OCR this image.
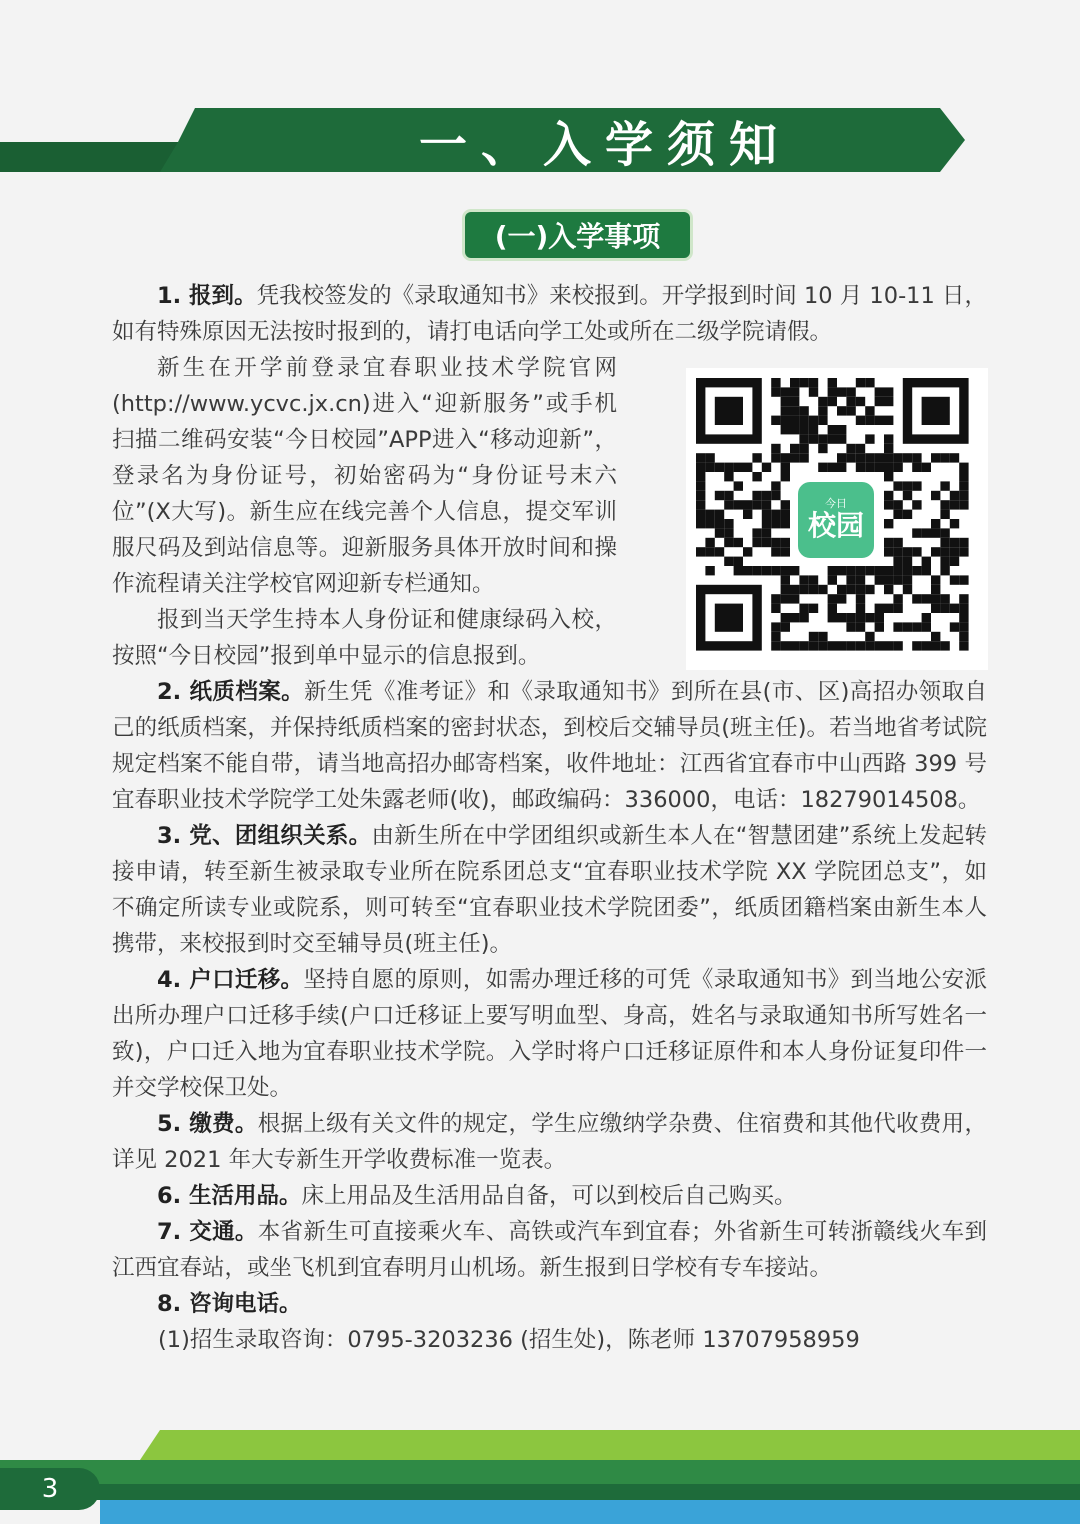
一、入学须知
(一)入学事项

1. 报到。凭我校签发的《录取通知书》来校报到。开学报到时间 10 月 10-11 日，如有特殊原因无法按时报到的，请打电话向学工处或所在二级学院请假。

新生在开学前登录宜春职业技术学院官网(http://www.ycvc.jx.cn)进入“迎新服务”或手机扫描二维码安装“今日校园”APP进入“移动迎新”，登录名为身份证号，初始密码为“身份证号末六位”(X大写)。新生应在线完善个人信息，提交军训服尺码及到站信息等。迎新服务具体开放时间和操作流程请关注学校官网迎新专栏通知。

报到当天学生持本人身份证和健康绿码入校，按照“今日校园”报到单中显示的信息报到。

2. 纸质档案。新生凭《准考证》和《录取通知书》到所在县(市、区)高招办领取自己的纸质档案，并保持纸质档案的密封状态，到校后交辅导员(班主任)。若当地省考试院规定档案不能自带，请当地高招办邮寄档案，收件地址：江西省宜春市中山西路 399 号 宜春职业技术学院学工处朱露老师(收)，邮政编码：336000，电话：18279014508。

3. 党、团组织关系。由新生所在中学团组织或新生本人在“智慧团建”系统上发起转接申请，转至新生被录取专业所在院系团总支“宜春职业技术学院 XX 学院团总支”，如不确定所读专业或院系，则可转至“宜春职业技术学院团委”，纸质团籍档案由新生本人携带，来校报到时交至辅导员(班主任)。

4. 户口迁移。坚持自愿的原则，如需办理迁移的可凭《录取通知书》到当地公安派出所办理户口迁移手续(户口迁移证上要写明血型、身高，姓名与录取通知书所写姓名一致)，户口迁入地为宜春职业技术学院。入学时将户口迁移证原件和本人身份证复印件一并交学校保卫处。

5. 缴费。根据上级有关文件的规定，学生应缴纳学杂费、住宿费和其他代收费用，详见 2021 年大专新生开学收费标准一览表。

6. 生活用品。床上用品及生活用品自备，可以到校后自己购买。

7. 交通。本省新生可直接乘火车、高铁或汽车到宜春；外省新生可转浙赣线火车到江西宜春站，或坐飞机到宜春明月山机场。新生报到日学校有专车接站。

8. 咨询电话。

(1)招生录取咨询：0795-3203236 (招生处)，陈老师 13707958959

今日
校园
3
